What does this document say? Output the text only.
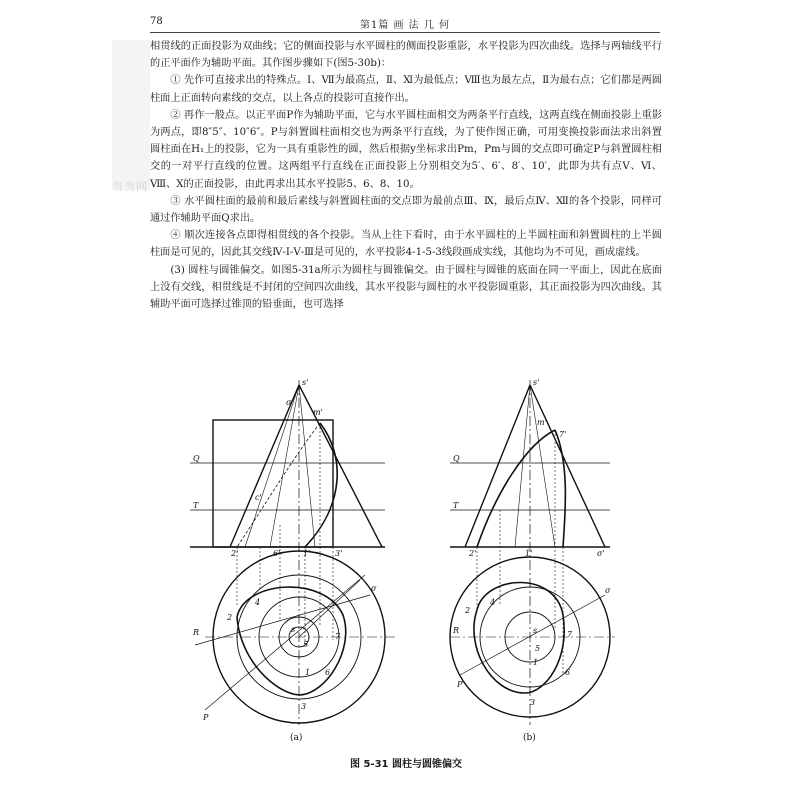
当当网
78	第1篇 画 法 几 何

相贯线的正面投影为双曲线；它的侧面投影与水平圆柱的侧面投影重影，水平投影为四次曲线。选择与两轴线平行的正平面作为辅助平面。其作图步骤如下(图5-30b)：

① 先作可直接求出的特殊点。Ⅰ、Ⅶ为最高点，Ⅱ、Ⅺ为最低点；Ⅷ也为最左点，Ⅱ为最右点；它们都是两圆柱面上正面转向素线的交点，以上各点的投影可直接作出。

② 再作一般点。以正平面P作为辅助平面，它与水平圆柱面相交为两条平行直线，这两直线在侧面投影上重影为两点，即8″5″、10″6″。P与斜置圆柱面相交也为两条平行直线，为了使作图正确，可用变换投影面法求出斜置圆柱面在H₁上的投影，它为一具有重影性的圆，然后根据y坐标求出Pm，Pm与圆的交点即可确定P与斜置圆柱相交的一对平行直线的位置。这两组平行直线在正面投影上分别相交为5′、6′、8′、10′，此即为共有点Ⅴ、Ⅵ、Ⅷ、Ⅹ的正面投影，由此再求出其水平投影5、6、8、10。

③ 水平圆柱面的最前和最后素线与斜置圆柱面的交点即为最前点Ⅲ、Ⅸ，最后点Ⅳ、Ⅻ的各个投影，同样可通过作辅助平面Q求出。

④ 顺次连接各点即得相贯线的各个投影。当从上往下看时，由于水平圆柱的上半圆柱面和斜置圆柱的上半圆柱面是可见的，因此其交线Ⅳ-Ⅰ-Ⅴ-Ⅲ是可见的，水平投影4-1-5-3线段画成实线，其他均为不可见，画成虚线。

(3) 圆柱与圆锥偏交。如图5-31a所示为圆柱与圆锥偏交。由于圆柱与圆锥的底面在同一平面上，因此在底面上没有交线，相贯线是不封闭的空间四次曲线，其水平投影与圆柱的水平投影圆重影，其正面投影为四次曲线。其辅助平面可选择过锥顶的铅垂面，也可选择

s'
σ'
m'
Q
T
c'
2'	6'	1'	3'
4
2
s
5
7
1
3
6
R
P
σ
(a)
s'
m'
Q
T
2'	1'	σ'
7'
4
2
s
5
7
3
6
1
R
P
σ
(b)
图 5-31 圆柱与圆锥偏交
